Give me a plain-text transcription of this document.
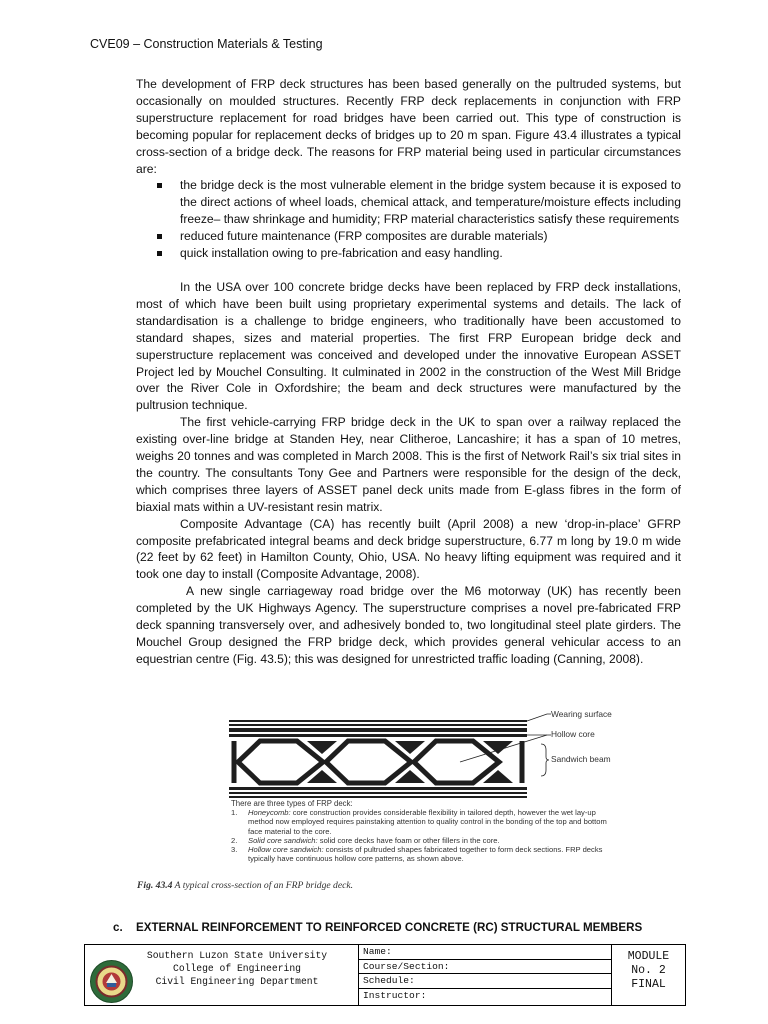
CVE09 – Construction Materials & Testing

The development of FRP deck structures has been based generally on the pultruded systems, but occasionally on moulded structures. Recently FRP deck replacements in conjunction with FRP superstructure replacement for road bridges have been carried out. This type of construction is becoming popular for replacement decks of bridges up to 20 m span. Figure 43.4 illustrates a typical cross-section of a bridge deck. The reasons for FRP material being used in particular circumstances are:

the bridge deck is the most vulnerable element in the bridge system because it is exposed to the direct actions of wheel loads, chemical attack, and temperature/moisture effects including freeze– thaw shrinkage and humidity; FRP material characteristics satisfy these requirements
reduced future maintenance (FRP composites are durable materials)
quick installation owing to pre-fabrication and easy handling.

In the USA over 100 concrete bridge decks have been replaced by FRP deck installations, most of which have been built using proprietary experimental systems and details. The lack of standardisation is a challenge to bridge engineers, who traditionally have been accustomed to standard shapes, sizes and material properties. The first FRP European bridge deck and superstructure replacement was conceived and developed under the innovative European ASSET Project led by Mouchel Consulting. It culminated in 2002 in the construction of the West Mill Bridge over the River Cole in Oxfordshire; the beam and deck structures were manufactured by the pultrusion technique.

The first vehicle-carrying FRP bridge deck in the UK to span over a railway replaced the existing over-line bridge at Standen Hey, near Clitheroe, Lancashire; it has a span of 10 metres, weighs 20 tonnes and was completed in March 2008. This is the first of Network Rail’s six trial sites in the country. The consultants Tony Gee and Partners were responsible for the design of the deck, which comprises three layers of ASSET panel deck units made from E-glass fibres in the form of biaxial mats within a UV-resistant resin matrix.

Composite Advantage (CA) has recently built (April 2008) a new ‘drop-in-place’ GFRP composite prefabricated integral beams and deck bridge superstructure, 6.77 m long by 19.0 m wide (22 feet by 62 feet) in Hamilton County, Ohio, USA. No heavy lifting equipment was required and it took one day to install (Composite Advantage, 2008).

A new single carriageway road bridge over the M6 motorway (UK) has recently been completed by the UK Highways Agency. The superstructure comprises a novel pre-fabricated FRP deck spanning transversely over, and adhesively bonded to, two longitudinal steel plate girders. The Mouchel Group designed the FRP bridge deck, which provides general vehicular access to an equestrian centre (Fig. 43.5); this was designed for unrestricted traffic loading (Canning, 2008).

Wearing surface
Hollow core
Sandwich beam
There are three types of FRP deck:
1. Honeycomb: core construction provides considerable flexibility in tailored depth, however the wet lay-up method now employed requires painstaking attention to quality control in the bonding of the top and bottom face material to the core.
2. Solid core sandwich: solid core decks have foam or other fillers in the core.
3. Hollow core sandwich: consists of pultruded shapes fabricated together to form deck sections. FRP decks typically have continuous hollow core patterns, as shown above.
Fig. 43.4 A typical cross-section of an FRP bridge deck.
c. EXTERNAL REINFORCEMENT TO REINFORCED CONCRETE (RC) STRUCTURAL MEMBERS
Southern Luzon State University
College of Engineering
Civil Engineering Department
Name:
Course/Section:
Schedule:
Instructor:
MODULE
No. 2
FINAL
